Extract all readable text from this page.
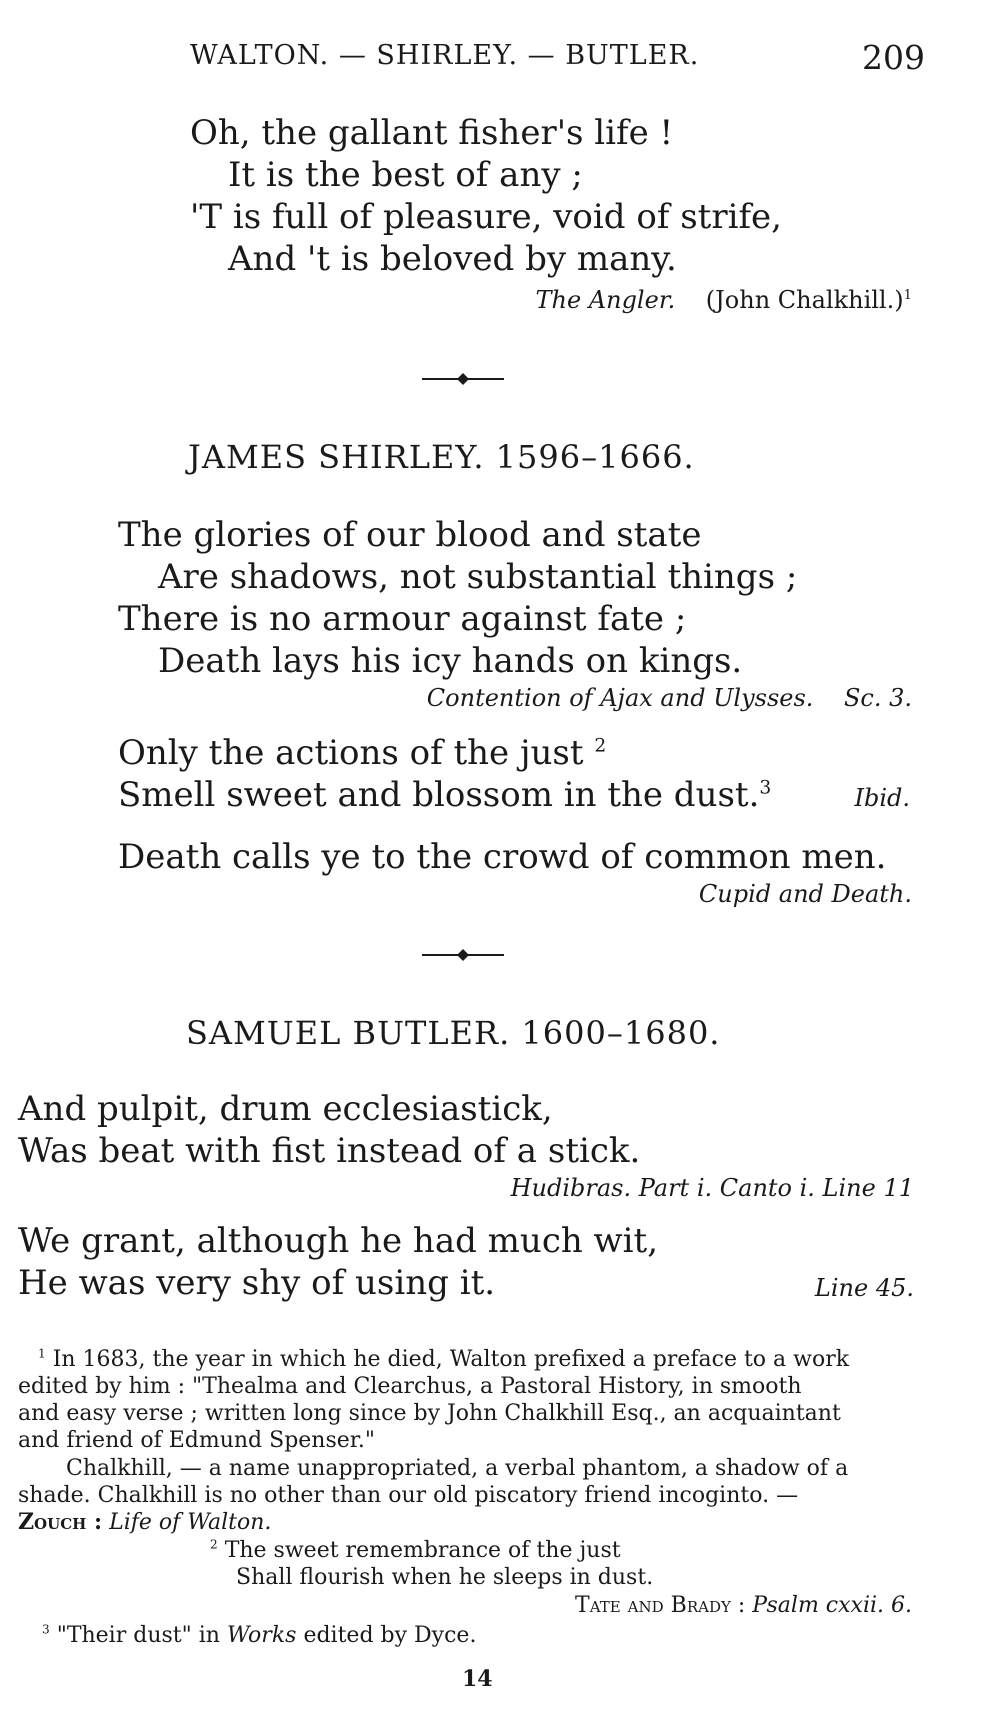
WALTON. — SHIRLEY. — BUTLER.	209
Oh, the gallant fisher's life !
It is the best of any ;
'T is full of pleasure, void of strife,
And 't is beloved by many.
The Angler. (John Chalkhill.)$^1$
JAMES SHIRLEY. 1596–1666.
The glories of our blood and state
Are shadows, not substantial things ;
There is no armour against fate ;
Death lays his icy hands on kings.
Contention of Ajax and Ulysses. Sc. 3.
Only the actions of the just $^2$
Smell sweet and blossom in the dust.$^3$	Ibid.
Death calls ye to the crowd of common men.
Cupid and Death.
SAMUEL BUTLER. 1600–1680.
And pulpit, drum ecclesiastick,
Was beat with fist instead of a stick.
Hudibras. Part i. Canto i. Line 11
We grant, although he had much wit,
He was very shy of using it.	Line 45.
$^1$ In 1683, the year in which he died, Walton prefixed a preface to a work
edited by him : "Thealma and Clearchus, a Pastoral History, in smooth
and easy verse ; written long since by John Chalkhill Esq., an acquaintant
and friend of Edmund Spenser."
Chalkhill, — a name unappropriated, a verbal phantom, a shadow of a
shade. Chalkhill is no other than our old piscatory friend incoginto. —
Zouch : Life of Walton.
$^2$ The sweet remembrance of the just
Shall flourish when he sleeps in dust.
Tate and Brady : Psalm cxxii. 6.
$^3$ "Their dust" in Works edited by Dyce.
14
